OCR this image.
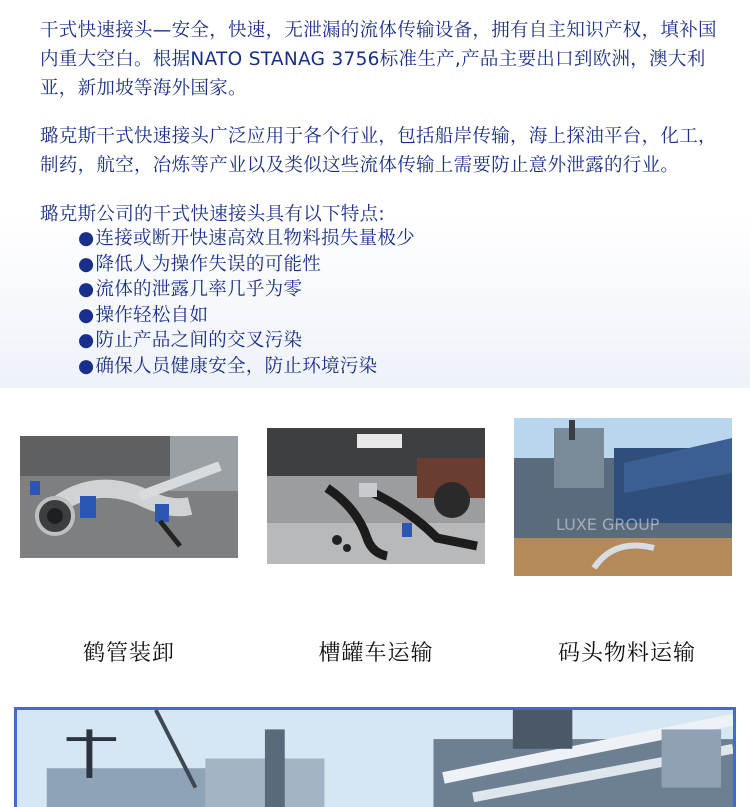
干式快速接头—安全，快速，无泄漏的流体传输设备，拥有自主知识产权，填补国内重大空白。根据NATO STANAG 3756标准生产,产品主要出口到欧洲，澳大利亚，新加坡等海外国家。

璐克斯干式快速接头广泛应用于各个行业，包括船岸传输，海上探油平台，化工，制药，航空，冶炼等产业以及类似这些流体传输上需要防止意外泄露的行业。

璐克斯公司的干式快速接头具有以下特点:

●连接或断开快速高效且物料损失量极少
●降低人为操作失误的可能性
●流体的泄露几率几乎为零
●操作轻松自如
●防止产品之间的交叉污染
●确保人员健康安全，防止环境污染
LUXE GROUP
鹤管装卸	槽罐车运输	码头物料运输
